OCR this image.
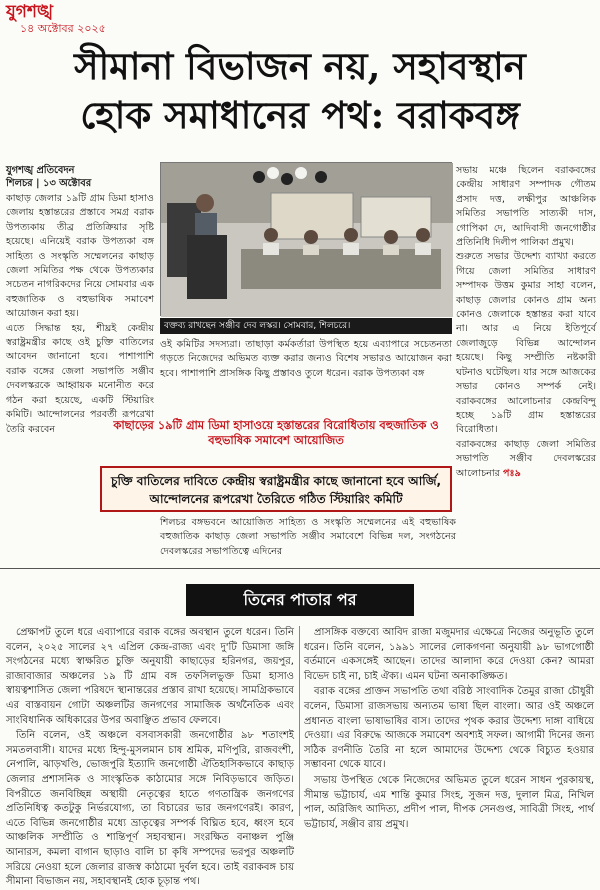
যুগশঙ্খ
১৪ অক্টোবর ২০২৫
সীমানা বিভাজন নয়, সহাবস্থান
হোক সমাধানের পথ: বরাকবঙ্গ
যুগশঙ্খ প্রতিবেদন
শিলচর | ১৩ অক্টোবর

কাছাড় জেলার ১৯টি গ্রাম ডিমা হাসাও জেলায় হস্তান্তরের প্রস্তাবে সমগ্র বরাক উপত্যকায় তীব্র প্রতিক্রিয়ার সৃষ্টি হয়েছে। এনিয়েই বরাক উপত্যকা বঙ্গ সাহিত্য ও সংস্কৃতি সম্মেলনের কাছাড় জেলা সমিতির পক্ষ থেকে উপত্যকার সচেতন নাগরিকদের নিয়ে সোমবার এক বহুজাতিক ও বহুভাষিক সমাবেশ আয়োজন করা হয়।

এতে সিদ্ধান্ত হয়, শীঘ্রই কেন্দ্রীয় স্বরাষ্ট্রমন্ত্রীর কাছে ওই চুক্তি বাতিলের আবেদন জানানো হবে। পাশাপাশি বরাক বঙ্গের জেলা সভাপতি সঞ্জীব দেবলস্করকে আহ্বায়ক মনোনীত করে গঠন করা হয়েছে, একটি স্টিয়ারিং কমিটি। আন্দোলনের পরবর্তী রূপরেখা তৈরি করবেন

বক্তব্য রাখছেন সঞ্জীব দেব লস্কর। সোমবার, শিলচরে।

ওই কমিটির সদস্যরা। তাছাড়া কর্মকর্তারা উপস্থিত হয়ে এব্যাপারে সচেতনতা গড়তে নিজেদের অভিমত ব্যক্ত করার জন্যও বিশেষ সভারও আয়োজন করা হবে। পাশাপাশি প্রাসঙ্গিক কিছু প্রস্তাবও তুলে ধরেন। বরাক উপত্যকা বঙ্গ

সভায় মঞ্চে ছিলেন বরাকবঙ্গের কেন্দ্রীয় সাধারণ সম্পাদক গৌতম প্রসাদ দত্ত, লক্ষীপুর আঞ্চলিক সমিতির সভাপতি সাত্যকী দাস, গোপিকা দে, আদিবাসী জনগোষ্ঠীর প্রতিনিধি দিলীপ পালিকা প্রমুখ।

শুরুতে সভার উদ্দেশ্য ব্যাখ্যা করতে গিয়ে জেলা সমিতির সাধারণ সম্পাদক উত্তম কুমার সাহা বলেন, কাছাড় জেলার কোনও গ্রাম অন্য কোনও জেলাকে হস্তান্তর করা যাবে না। আর এ নিয়ে ইতিপূর্বে জেলাজুড়ে বিভিন্ন আন্দোলন হয়েছে। কিছু সম্প্রীতি নষ্টকারী ঘটনাও ঘটেছিল। যার সঙ্গে আজকের সভার কোনও সম্পর্ক নেই। বরাকবঙ্গের আলোচনার কেন্দ্রবিন্দু হচ্ছে ১৯টি গ্রাম হস্তান্তরের বিরোধিতা।

বরাকবঙ্গের কাছাড় জেলা সমিতির সভাপতি সঞ্জীব দেবলস্করের আলোচনার পঃ৯

কাছাড়ের ১৯টি গ্রাম ডিমা হাসাওয়ে হস্তান্তরের বিরোধিতায় বহুজাতিক ও বহুভাষিক সমাবেশ আয়োজিত
চুক্তি বাতিলের দাবিতে কেন্দ্রীয় স্বরাষ্ট্রমন্ত্রীর কাছে জানানো হবে আর্জি, আন্দোলনের রূপরেখা তৈরিতে গঠিত স্টিয়ারিং কমিটি

শিলচর বঙ্গভবনে আয়োজিত সাহিত্য ও সংস্কৃতি সম্মেলনের এই বহুভাষিক বহুজাতিক কাছাড় জেলা সভাপতি সঞ্জীব সমাবেশে বিভিন্ন দল, সংগঠনের দেবলস্করের সভাপতিত্বে এদিনের

তিনের পাতার পর

প্রেক্ষাপট তুলে ধরে এব্যাপারে বরাক বঙ্গের অবস্থান তুলে ধরেন। তিনি বলেন, ২০২৫ সালের ২৭ এপ্রিল কেন্দ্র-রাজ্য এবং দু'টি ডিমাসা জঙ্গি সংগঠনের মধ্যে স্বাক্ষরিত চুক্তি অনুযায়ী কাছাড়ের হরিনগর, জয়পুর, রাজাবাজার অঞ্চলের ১৯ টি গ্রাম বঙ্গ তফসিলভুক্ত ডিমা হাসাও স্বায়ত্বশাসিত জেলা পরিষদে স্থানান্তরের প্রস্তাব রাখা হয়েছে। সামগ্রিকভাবে এর বাস্তবায়ন গোটা অঞ্চলটির জনগণের সামাজিক অর্থনৈতিক এবং সাংবিধানিক অধিকারের উপর অবাঞ্ছিত প্রভাব ফেলবে।

তিনি বলেন, ওই অঞ্চলে বসবাসকারী জনগোষ্ঠীর ৯৮ শতাংশই সমতলবাসী। যাদের মধ্যে হিন্দু-মুসলমান চাষ শ্রমিক, মণিপুরি, রাজবংশী, নেপালি, ঝাড়খণ্ডি, ভোজপুরি ইত্যাদি জনগোষ্ঠী ঐতিহাসিকভাবে কাছাড় জেলার প্রশাসনিক ও সাংস্কৃতিক কাঠামোর সঙ্গে নিবিড়ভাবে জড়িত। বিপরীতে জনবিচ্ছিন্ন অস্থায়ী নেতৃত্বের হাতে গণতান্ত্রিক জনগণের প্রতিনিধিত্ব কতটুকু নির্ভরযোগ্য, তা বিচারের ভার জনগণেরই। কারণ, এতে বিভিন্ন জনগোষ্ঠীর মধ্যে ভ্রাতৃত্বের সম্পর্ক বিঘ্নিত হবে, ধ্বংস হবে আঞ্চলিক সম্প্রীতি ও শান্তিপূর্ণ সহাবস্থান। সংরক্ষিত বনাঞ্চল পুঞ্জি আনারস, কমলা বাগান ছাড়াও বালি চা কৃষি সম্পদের ভরপুর অঞ্চলটি সরিয়ে নেওয়া হলে জেলার রাজস্ব কাঠামো দুর্বল হবে। তাই বরাকবঙ্গ চায় সীমানা বিভাজন নয়, সহাবস্থানই হোক চূড়ান্ত পথ।

প্রাসঙ্গিক বক্তব্যে আবিদ রাজা মজুমদার এক্ষেত্রে নিজের অনুভূতি তুলে ধরেন। তিনি বলেন, ১৯৯১ সালের লোকগণনা অনুযায়ী ৯৮ ভাগগোষ্ঠী বর্তমানে একসঙ্গেই আছেন। তাদের আলাদা করে দেওয়া কেন? আমরা বিভেদ চাই না, চাই ঐক্য। এমন ঘটনা অনাকাঙ্ক্ষিত।

বরাক বঙ্গের প্রাক্তন সভাপতি তথা বরিষ্ঠ সাংবাদিক তৈমুর রাজা চৌধুরী বলেন, ডিমাসা রাজসভায় অন্যতম ভাষা ছিল বাংলা। আর ওই অঞ্চলে প্রধানত বাংলা ভাষাভাষির বাস। তাদের পৃথক করার উদ্দেশ্য দাঙ্গা বাধিয়ে দেওয়া। এর বিরুদ্ধে আজকে সমাবেশ অবশ্যই সফল। আগামী দিনের জন্য সঠিক রণনীতি তৈরি না হলে আমাদের উদ্দেশ্য থেকে বিচ্যুত হওয়ার সম্ভাবনা থেকে যাবে।

সভায় উপস্থিত থেকে নিজেদের অভিমত তুলে ধরেন সাধন পুরকায়স্থ, সীমান্ত ভট্টাচার্য, এম শান্তি কুমার সিংহ, সুজন দত্ত, দুলাল মিত্র, নিখিল পাল, অরিজিৎ আদিত্য, প্রদীপ পাল, দীপক সেনগুপ্ত, সাবিত্রী সিংহ, পার্থ ভট্টাচার্য, সঞ্জীব রায় প্রমুখ।
